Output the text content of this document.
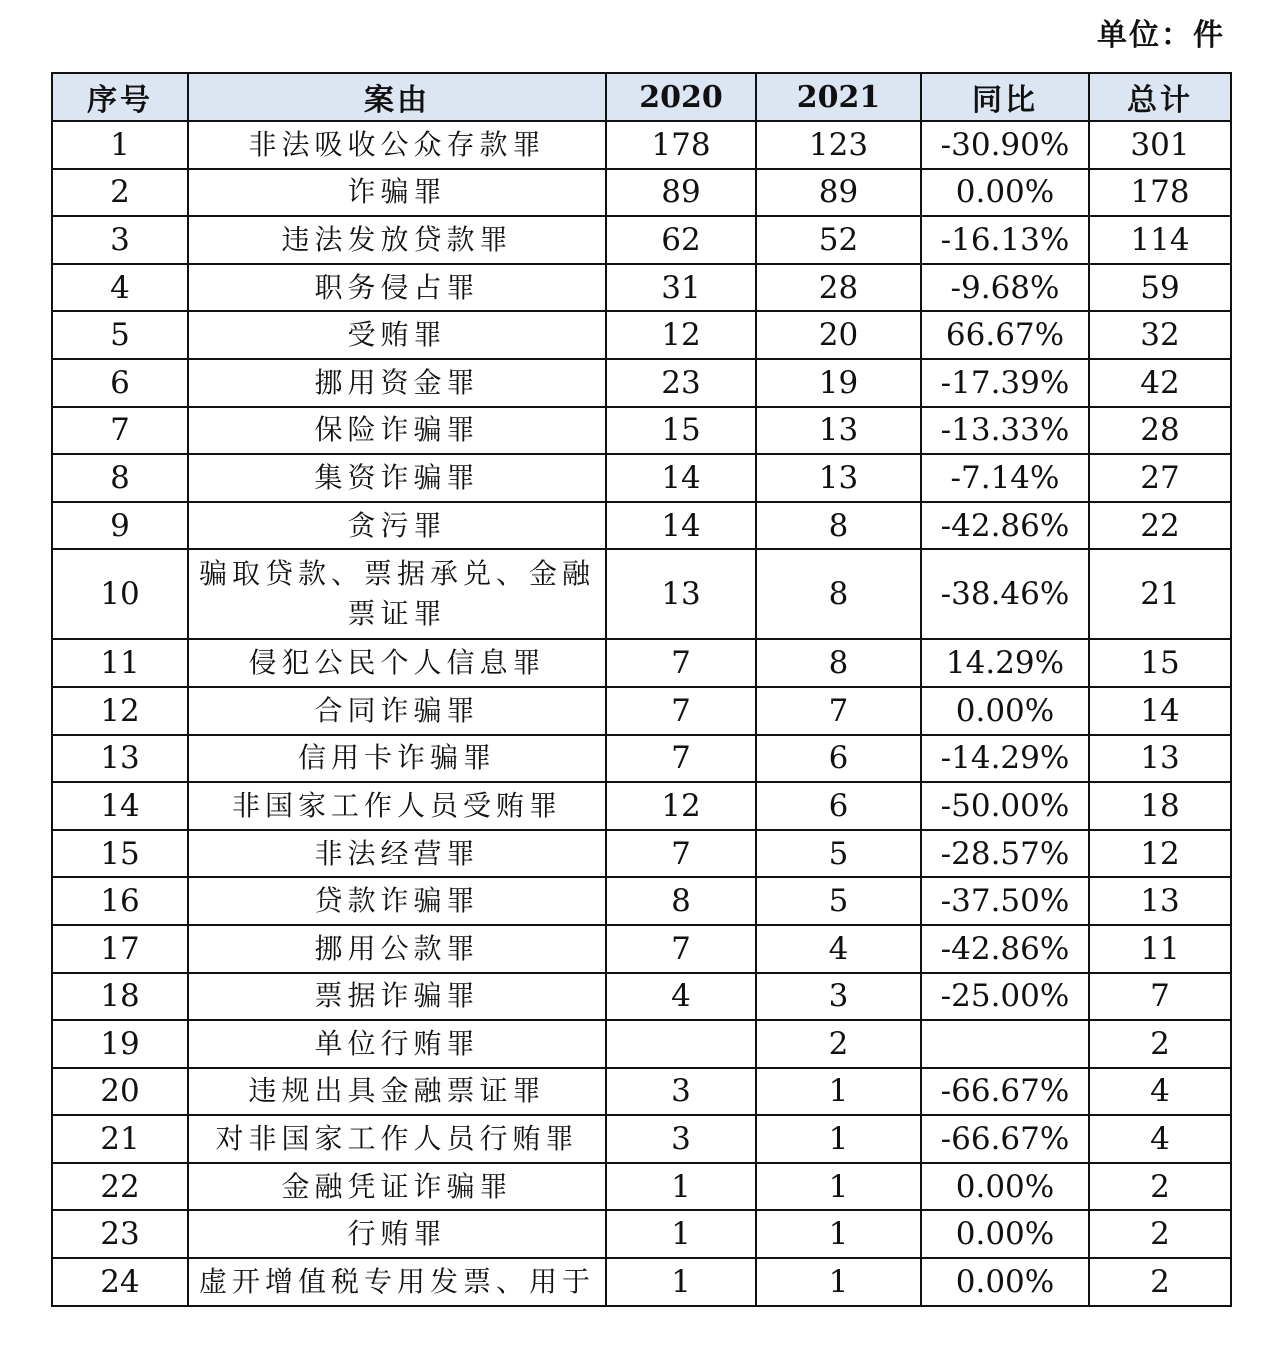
单位：件
序号	案由	2020	2021	同比	总计
1	非法吸收公众存款罪	178	123	-30.90%	301
2	诈骗罪	89	89	0.00%	178
3	违法发放贷款罪	62	52	-16.13%	114
4	职务侵占罪	31	28	-9.68%	59
5	受贿罪	12	20	66.67%	32
6	挪用资金罪	23	19	-17.39%	42
7	保险诈骗罪	15	13	-13.33%	28
8	集资诈骗罪	14	13	-7.14%	27
9	贪污罪	14	8	-42.86%	22
10	骗取贷款、票据承兑、金融票证罪	13	8	-38.46%	21
11	侵犯公民个人信息罪	7	8	14.29%	15
12	合同诈骗罪	7	7	0.00%	14
13	信用卡诈骗罪	7	6	-14.29%	13
14	非国家工作人员受贿罪	12	6	-50.00%	18
15	非法经营罪	7	5	-28.57%	12
16	贷款诈骗罪	8	5	-37.50%	13
17	挪用公款罪	7	4	-42.86%	11
18	票据诈骗罪	4	3	-25.00%	7
19	单位行贿罪		2		2
20	违规出具金融票证罪	3	1	-66.67%	4
21	对非国家工作人员行贿罪	3	1	-66.67%	4
22	金融凭证诈骗罪	1	1	0.00%	2
23	行贿罪	1	1	0.00%	2
24	虚开增值税专用发票、用于	1	1	0.00%	2
